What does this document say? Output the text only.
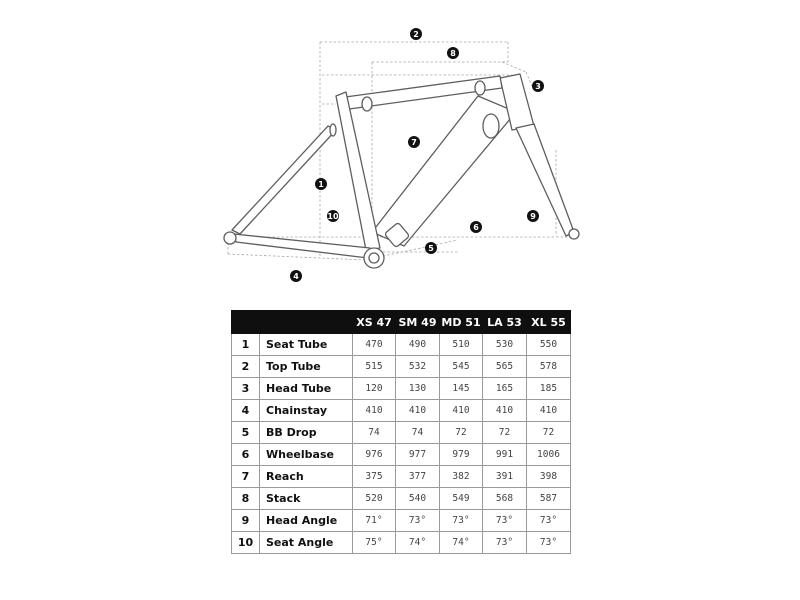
1
2
3
4
5
6
7
8
9
10
		XS 47	SM 49	MD 51	LA 53	XL 55
1	Seat Tube	470	490	510	530	550
2	Top Tube	515	532	545	565	578
3	Head Tube	120	130	145	165	185
4	Chainstay	410	410	410	410	410
5	BB Drop	74	74	72	72	72
6	Wheelbase	976	977	979	991	1006
7	Reach	375	377	382	391	398
8	Stack	520	540	549	568	587
9	Head Angle	71°	73°	73°	73°	73°
10	Seat Angle	75°	74°	74°	73°	73°
